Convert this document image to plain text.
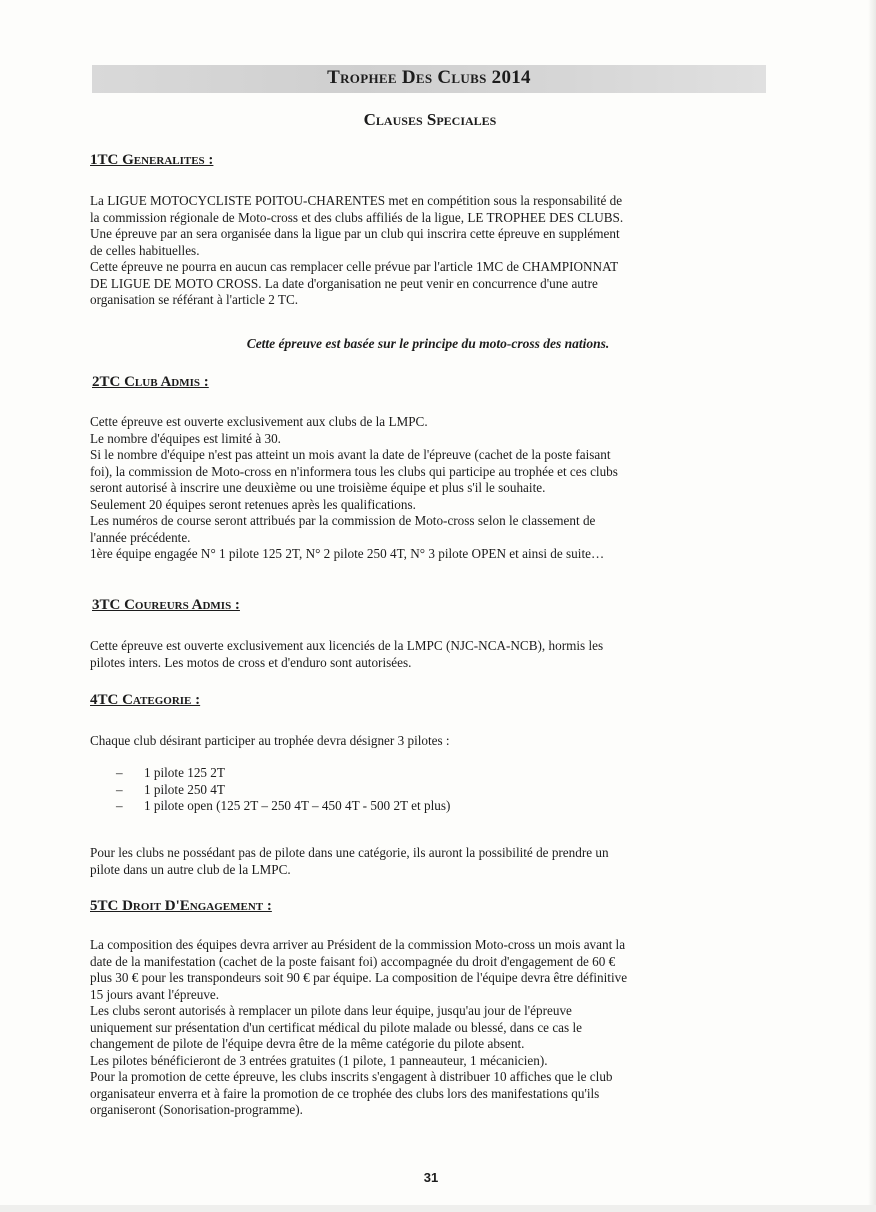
Trophee Des Clubs 2014
Clauses Speciales
1TC Generalites :

La LIGUE MOTOCYCLISTE POITOU-CHARENTES met en compétition sous la responsabilité de

la commission régionale de Moto-cross et des clubs affiliés de la ligue, LE TROPHEE DES CLUBS.

Une épreuve par an sera organisée dans la ligue par un club qui inscrira cette épreuve en supplément

de celles habituelles.

Cette épreuve ne pourra en aucun cas remplacer celle prévue par l'article 1MC de CHAMPIONNAT

DE LIGUE DE MOTO CROSS. La date d'organisation ne peut venir en concurrence d'une autre

organisation se référant à l'article 2 TC.

Cette épreuve est basée sur le principe du moto-cross des nations.
2TC Club Admis :

Cette épreuve est ouverte exclusivement aux clubs de la LMPC.

Le nombre d'équipes est limité à 30.

Si le nombre d'équipe n'est pas atteint un mois avant la date de l'épreuve (cachet de la poste faisant

foi), la commission de Moto-cross en n'informera tous les clubs qui participe au trophée et ces clubs

seront autorisé à inscrire une deuxième ou une troisième équipe et plus s'il le souhaite.

Seulement 20 équipes seront retenues après les qualifications.

Les numéros de course seront attribués par la commission de Moto-cross selon le classement de

l'année précédente.

1ère équipe engagée N° 1 pilote 125 2T, N° 2 pilote 250 4T, N° 3 pilote OPEN et ainsi de suite…

3TC Coureurs Admis :

Cette épreuve est ouverte exclusivement aux licenciés de la LMPC (NJC-NCA-NCB), hormis les

pilotes inters. Les motos de cross et d'enduro sont autorisées.

4TC Categorie :

Chaque club désirant participer au trophée devra désigner 3 pilotes :

– 1 pilote 125 2T
– 1 pilote 250 4T
– 1 pilote open (125 2T – 250 4T – 450 4T - 500 2T et plus)

Pour les clubs ne possédant pas de pilote dans une catégorie, ils auront la possibilité de prendre un

pilote dans un autre club de la LMPC.

5TC Droit D'Engagement :

La composition des équipes devra arriver au Président de la commission Moto-cross un mois avant la

date de la manifestation (cachet de la poste faisant foi) accompagnée du droit d'engagement de 60 €

plus 30 € pour les transpondeurs soit 90 € par équipe. La composition de l'équipe devra être définitive

15 jours avant l'épreuve.

Les clubs seront autorisés à remplacer un pilote dans leur équipe, jusqu'au jour de l'épreuve

uniquement sur présentation d'un certificat médical du pilote malade ou blessé, dans ce cas le

changement de pilote de l'équipe devra être de la même catégorie du pilote absent.

Les pilotes bénéficieront de 3 entrées gratuites (1 pilote, 1 panneauteur, 1 mécanicien).

Pour la promotion de cette épreuve, les clubs inscrits s'engagent à distribuer 10 affiches que le club

organisateur enverra et à faire la promotion de ce trophée des clubs lors des manifestations qu'ils

organiseront (Sonorisation-programme).

31
